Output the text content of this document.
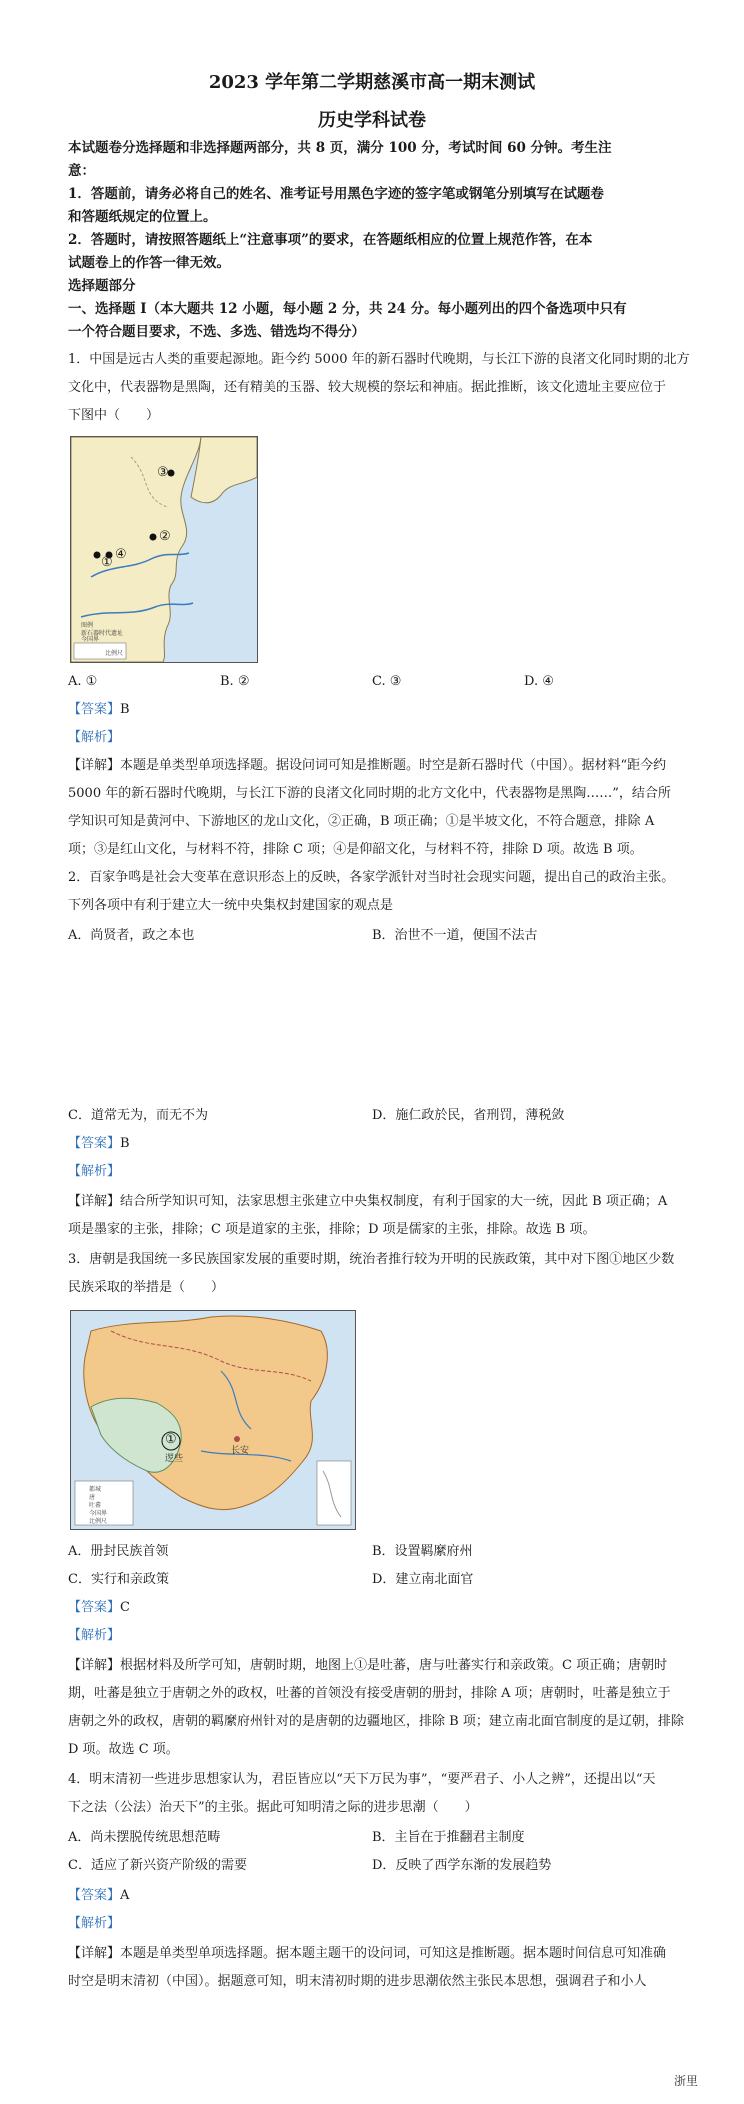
2023 学年第二学期慈溪市高一期末测试
历史学科试卷
本试题卷分选择题和非选择题两部分，共 8 页，满分 100 分，考试时间 60 分钟。考生注
意：
1．答题前，请务必将自己的姓名、准考证号用黑色字迹的签字笔或钢笔分别填写在试题卷
和答题纸规定的位置上。
2．答题时，请按照答题纸上“注意事项”的要求，在答题纸相应的位置上规范作答，在本
试题卷上的作答一律无效。
选择题部分
一、选择题 I（本大题共 12 小题，每小题 2 分，共 24 分。每小题列出的四个备选项中只有
一个符合题目要求，不选、多选、错选均不得分）
1．中国是远古人类的重要起源地。距今约 5000 年的新石器时代晚期，与长江下游的良渚文化同时期的北方
文化中，代表器物是黑陶，还有精美的玉器、较大规模的祭坛和神庙。据此推断，该文化遗址主要应位于
下图中（　　）
图例
新石器时代遗址
今国界
比例尺
③
②
①
④
A. ①	B. ②	C. ③	D. ④
【答案】B
【解析】
【详解】本题是单类型单项选择题。据设问词可知是推断题。时空是新石器时代（中国）。据材料“距今约
5000 年的新石器时代晚期，与长江下游的良渚文化同时期的北方文化中，代表器物是黑陶……”，结合所
学知识可知是黄河中、下游地区的龙山文化，②正确，B 项正确；①是半坡文化，不符合题意，排除 A
项；③是红山文化，与材料不符，排除 C 项；④是仰韶文化，与材料不符，排除 D 项。故选 B 项。
2．百家争鸣是社会大变革在意识形态上的反映，各家学派针对当时社会现实问题，提出自己的政治主张。
下列各项中有利于建立大一统中央集权封建国家的观点是
A．尚贤者，政之本也	B．治世不一道，便国不法古
C．道常无为，而无不为	D．施仁政於民，省刑罚，薄税敛
【答案】B
【解析】
【详解】结合所学知识可知，法家思想主张建立中央集权制度，有利于国家的大一统，因此 B 项正确；A
项是墨家的主张，排除；C 项是道家的主张，排除；D 项是儒家的主张，排除。故选 B 项。
3．唐朝是我国统一多民族国家发展的重要时期，统治者推行较为开明的民族政策，其中对下图①地区少数
民族采取的举措是（　　）
都城
唐
吐蕃
今国界
比例尺
①
逻些
长安
A．册封民族首领	B．设置羁縻府州
C．实行和亲政策	D．建立南北面官
【答案】C
【解析】
【详解】根据材料及所学可知，唐朝时期，地图上①是吐蕃，唐与吐蕃实行和亲政策。C 项正确；唐朝时
期，吐蕃是独立于唐朝之外的政权，吐蕃的首领没有接受唐朝的册封，排除 A 项；唐朝时，吐蕃是独立于
唐朝之外的政权，唐朝的羁縻府州针对的是唐朝的边疆地区，排除 B 项；建立南北面官制度的是辽朝，排除
D 项。故选 C 项。
4．明末清初一些进步思想家认为，君臣皆应以“天下万民为事”，“要严君子、小人之辨”，还提出以“天
下之法（公法）治天下”的主张。据此可知明清之际的进步思潮（　　）
A．尚未摆脱传统思想范畴	B．主旨在于推翻君主制度
C．适应了新兴资产阶级的需要	D．反映了西学东渐的发展趋势
【答案】A
【解析】
【详解】本题是单类型单项选择题。据本题主题干的设问词，可知这是推断题。据本题时间信息可知准确
时空是明末清初（中国）。据题意可知，明末清初时期的进步思潮依然主张民本思想，强调君子和小人
浙里
